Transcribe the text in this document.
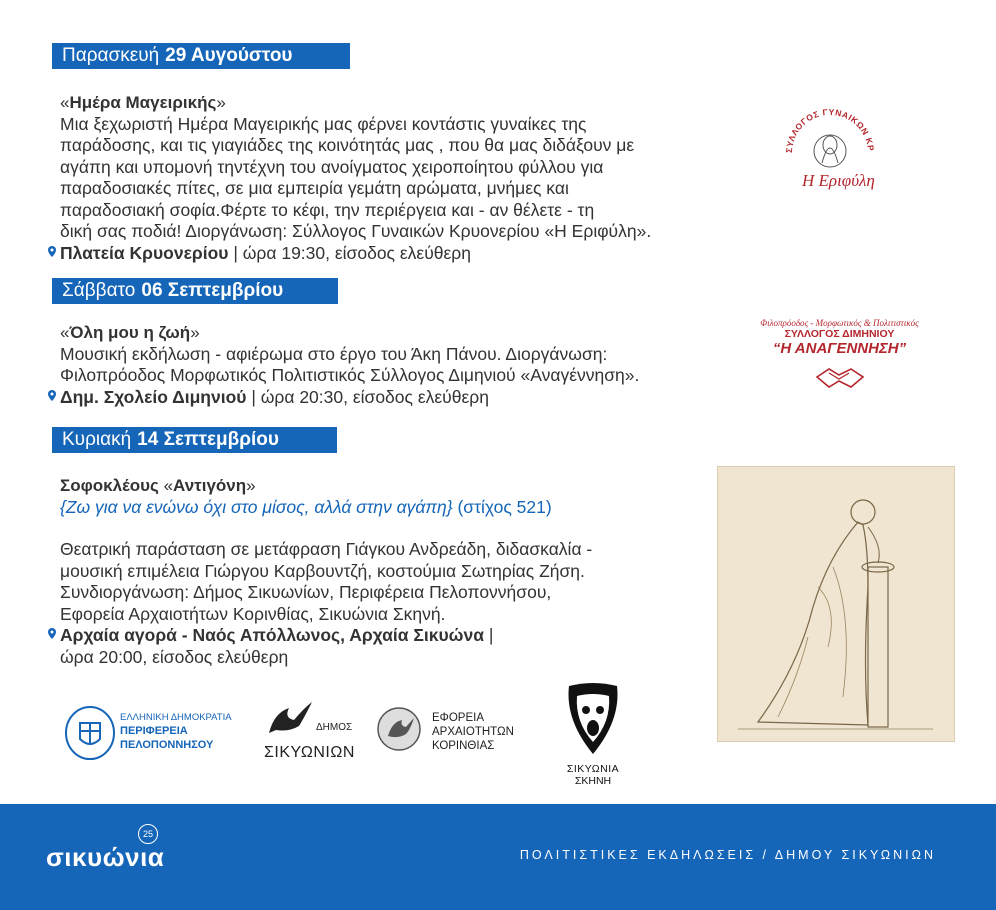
Παρασκευή 29 Αυγούστου
«Ημέρα Μαγειρικής»
Μια ξεχωριστή Ημέρα Μαγειρικής μας φέρνει κοντάστις γυναίκες της
παράδοσης, και τις γιαγιάδες της κοινότητάς μας , που θα μας διδάξουν με
αγάπη και υπομονή τηντέχνη του ανοίγματος χειροποίητου φύλλου για
παραδοσιακές πίτες, σε μια εμπειρία γεμάτη αρώματα, μνήμες και
παραδοσιακή σοφία.Φέρτε το κέφι, την περιέργεια και - αν θέλετε - τη
δική σας ποδιά! Διοργάνωση: Σύλλογος Γυναικών Κρυονερίου «Η Εριφύλη».
Πλατεία Κρυονερίου | ώρα 19:30, είσοδος ελεύθερη
ΣΥΛΛΟΓΟΣ ΓΥΝΑΙΚΩΝ ΚΡ
Η Εριφύλη
Σάββατο 06 Σεπτεμβρίου
«Όλη μου η ζωή»
Μουσική εκδήλωση - αφιέρωμα στο έργο του Άκη Πάνου. Διοργάνωση:
Φιλοπρόοδος Μορφωτικός Πολιτιστικός Σύλλογος Διμηνιού «Αναγέννηση».
Δημ. Σχολείο Διμηνιού | ώρα 20:30, είσοδος ελεύθερη
Φιλοπρόοδος - Μορφωτικός & Πολιτιστικός
ΣΥΛΛΟΓΟΣ ΔΙΜΗΝΙΟΥ
“Η ΑΝΑΓΕΝΝΗΣΗ”
Κυριακή 14 Σεπτεμβρίου
Σοφοκλέους «Αντιγόνη»
{Ζω για να ενώνω όχι στο μίσος, αλλά στην αγάπη} (στίχος 521)
Θεατρική παράσταση σε μετάφραση Γιάγκου Ανδρεάδη, διδασκαλία -
μουσική επιμέλεια Γιώργου Καρβουντζή, κοστούμια Σωτηρίας Ζήση.
Συνδιοργάνωση: Δήμος Σικυωνίων, Περιφέρεια Πελοποννήσου,
Εφορεία Αρχαιοτήτων Κορινθίας, Σικυώνια Σκηνή.
Αρχαία αγορά - Ναός Απόλλωνος, Αρχαία Σικυώνα |
ώρα 20:00, είσοδος ελεύθερη
ΕΛΛΗΝΙΚΗ ΔΗΜΟΚΡΑΤΙΑ
ΠΕΡΙΦΕΡΕΙΑ
ΠΕΛΟΠΟΝΝΗΣΟΥ
ΔΗΜΟΣ
ΣΙΚΥΩΝΙΩΝ
ΕΦΟΡΕΙΑ
ΑΡΧΑΙΟΤΗΤΩΝ
ΚΟΡΙΝΘΙΑΣ
ΣΙΚΥΩΝΙΑ
ΣΚΗΝΗ
σικυώνια
25
ΠΟΛΙΤΙΣΤΙΚΕΣ ΕΚΔΗΛΩΣΕΙΣ / ΔΗΜΟΥ ΣΙΚΥΩΝΙΩΝ
